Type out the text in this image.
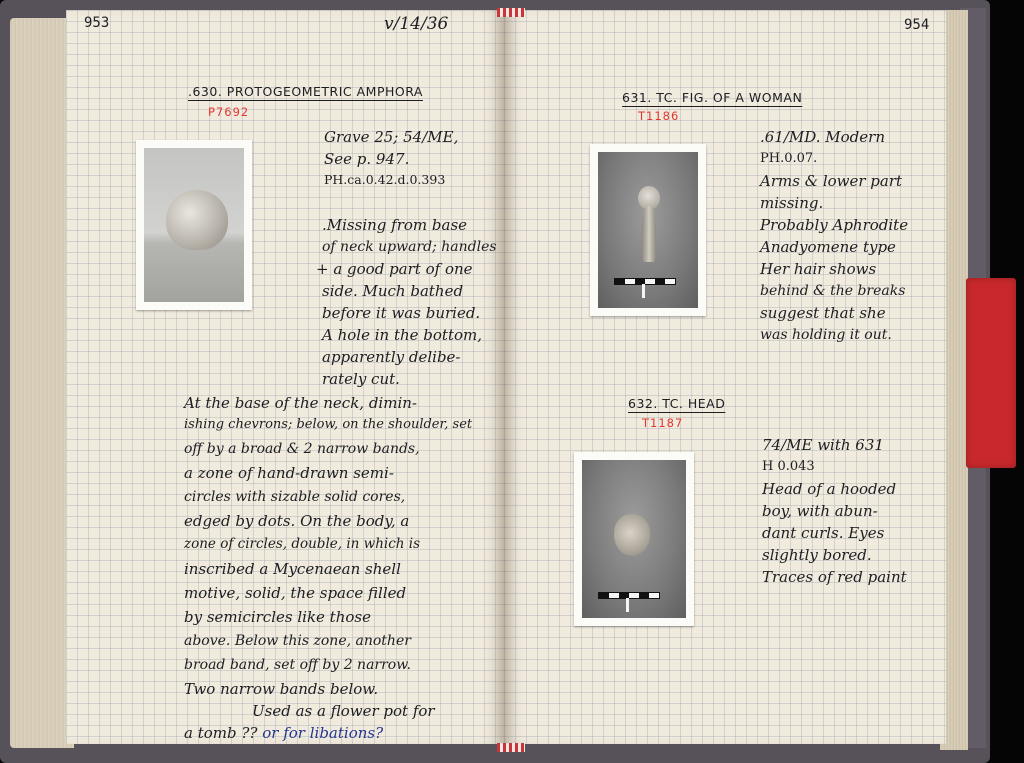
953	v/14/36
.630. PROTOGEOMETRIC AMPHORA
P7692
Grave 25; 54/ME,
See p. 947.
PH.ca.0.42.d.0.393
.Missing from base
of neck upward; handles
+ a good part of one
side. Much bathed
before it was buried.
A hole in the bottom,
apparently delibe-
rately cut.
At the base of the neck, dimin-
ishing chevrons; below, on the shoulder, set
off by a broad & 2 narrow bands,
a zone of hand-drawn semi-
circles with sizable solid cores,
edged by dots. On the body, a
zone of circles, double, in which is
inscribed a Mycenaean shell
motive, solid, the space filled
by semicircles like those
above. Below this zone, another
broad band, set off by 2 narrow.
Two narrow bands below.
Used as a flower pot for
a tomb ?? or for libations?
954
631. TC. FIG. OF A WOMAN
T1186
.61/MD. Modern
PH.0.07.
Arms & lower part
missing.
Probably Aphrodite
Anadyomene type
Her hair shows
behind & the breaks
suggest that she
was holding it out.
632. TC. HEAD
T1187
74/ME with 631
H 0.043
Head of a hooded
boy, with abun-
dant curls. Eyes
slightly bored.
Traces of red paint
